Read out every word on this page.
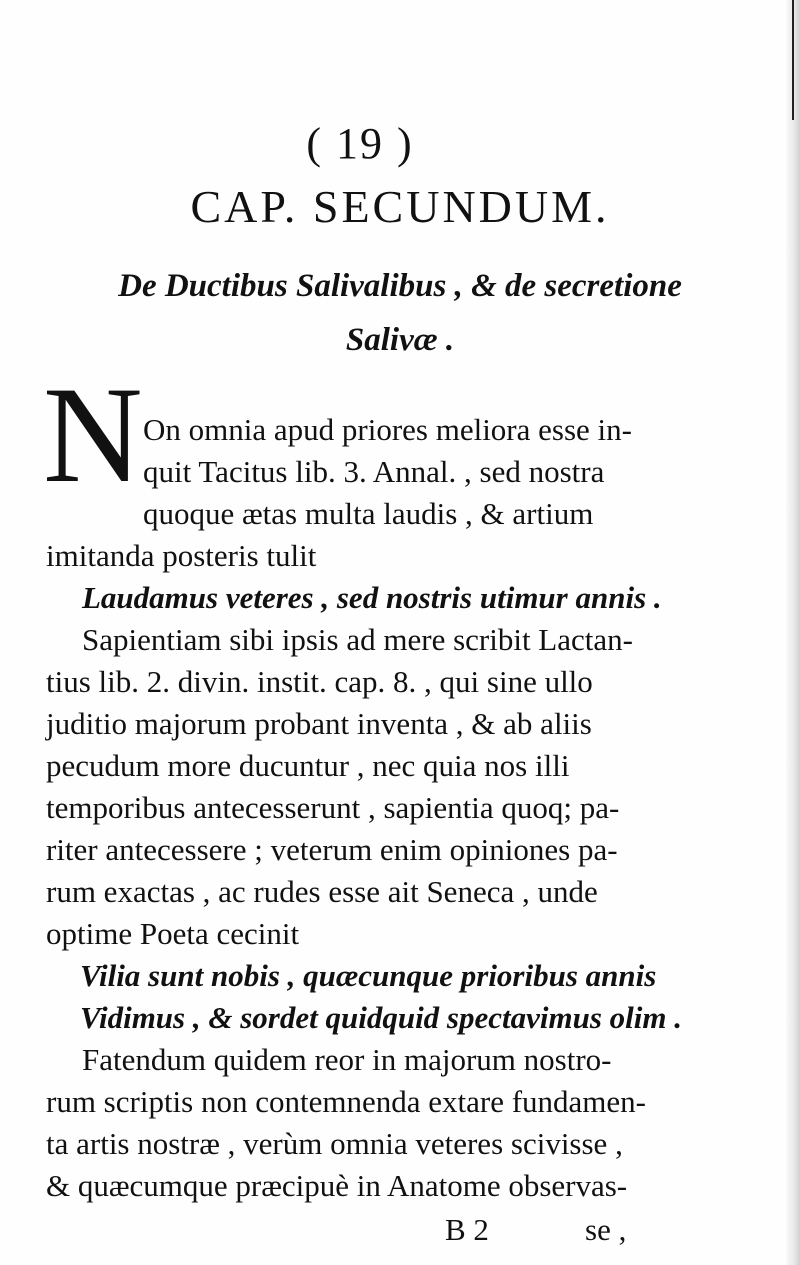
( 19 )
CAP. SECUNDUM.
De Ductibus Salivalibus , & de secretione
Salivæ .
N On omnia apud priores meliora esse in-
quit Tacitus lib. 3. Annal. , sed nostra
quoque ætas multa laudis , & artium
imitanda posteris tulit
Laudamus veteres , sed nostris utimur annis .
Sapientiam sibi ipsis ad mere scribit Lactan-
tius lib. 2. divin. instit. cap. 8. , qui sine ullo
juditio majorum probant inventa , & ab aliis
pecudum more ducuntur , nec quia nos illi
temporibus antecesserunt , sapientia quoq; pa-
riter antecessere ; veterum enim opiniones pa-
rum exactas , ac rudes esse ait Seneca , unde
optime Poeta cecinit
Vilia sunt nobis , quæcunque prioribus annis
Vidimus , & sordet quidquid spectavimus olim .
Fatendum quidem reor in majorum nostro-
rum scriptis non contemnenda extare fundamen-
ta artis nostræ , verùm omnia veteres scivisse ,
& quæcumque præcipuè in Anatome observas-
B 2	se ,
